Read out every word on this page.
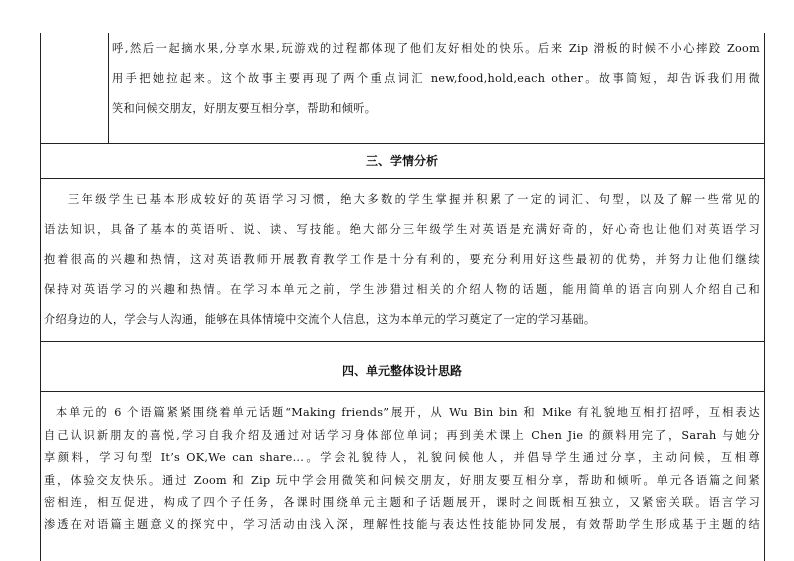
呼,然后一起摘水果,分享水果,玩游戏的过程都体现了他们友好相处的快乐。后来 Zip 滑板的时候不小心摔跤 Zoom
用手把她拉起来。这个故事主要再现了两个重点词汇 new,food,hold,each other。故事简短，却告诉我们用微
笑和问候交朋友，好朋友要互相分享，帮助和倾听。
三、学情分析
三年级学生已基本形成较好的英语学习习惯，绝大多数的学生掌握并积累了一定的词汇、句型，以及了解一些常见的
语法知识，具备了基本的英语听、说、读、写技能。绝大部分三年级学生对英语是充满好奇的，好心奇也让他们对英语学习
抱着很高的兴趣和热情，这对英语教师开展教育教学工作是十分有利的，要充分利用好这些最初的优势，并努力让他们继续
保持对英语学习的兴趣和热情。在学习本单元之前，学生涉猎过相关的介绍人物的话题，能用简单的语言向别人介绍自己和
介绍身边的人，学会与人沟通，能够在具体情境中交流个人信息，这为本单元的学习奠定了一定的学习基础。
四、单元整体设计思路
本单元的 6 个语篇紧紧围绕着单元话题“Making friends”展开，从 Wu Bin bin 和 Mike 有礼貌地互相打招呼，互相表达
自己认识新朋友的喜悦,学习自我介绍及通过对话学习身体部位单词；再到美术课上 Chen Jie 的颜料用完了，Sarah 与她分
享颜料，学习句型 It’s OK,We can share...。学会礼貌待人，礼貌问候他人，并倡导学生通过分享，主动问候，互相尊
重，体验交友快乐。通过 Zoom 和 Zip 玩中学会用微笑和问候交朋友，好朋友要互相分享，帮助和倾听。单元各语篇之间紧
密相连，相互促进，构成了四个子任务，各课时围绕单元主题和子话题展开，课时之间既相互独立，又紧密关联。语言学习
渗透在对语篇主题意义的探究中，学习活动由浅入深，理解性技能与表达性技能协同发展，有效帮助学生形成基于主题的结
